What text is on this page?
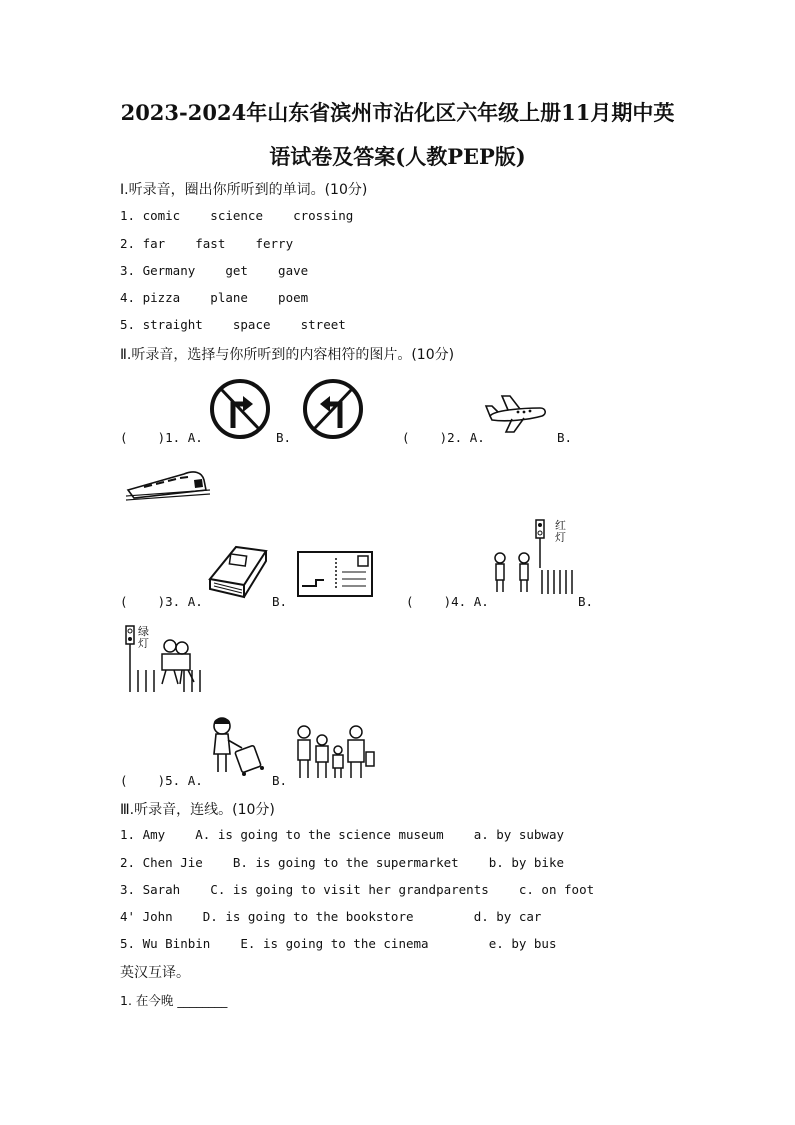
2023-2024年山东省滨州市沾化区六年级上册11月期中英
语试卷及答案(人教PEP版)
Ⅰ.听录音，圈出你所听到的单词。(10分)
1. comic    science    crossing
2. far    fast    ferry
3. Germany    get    gave
4. pizza    plane    poem
5. straight    space    street
Ⅱ.听录音，选择与你所听到的内容相符的图片。(10分)
(    )1. A.	B.	(    )2. A.	B.
(    )3. A.	B.	(    )4. A.
红灯
B.
绿灯
(    )5. A.	B.
Ⅲ.听录音，连线。(10分)
1. Amy    A. is going to the science museum    a. by subway
2. Chen Jie    B. is going to the supermarket    b. by bike
3. Sarah    C. is going to visit her grandparents    c. on foot
4' John    D. is going to the bookstore        d. by car
5. Wu Binbin    E. is going to the cinema        e. by bus
英汉互译。
1. 在今晚 ________
